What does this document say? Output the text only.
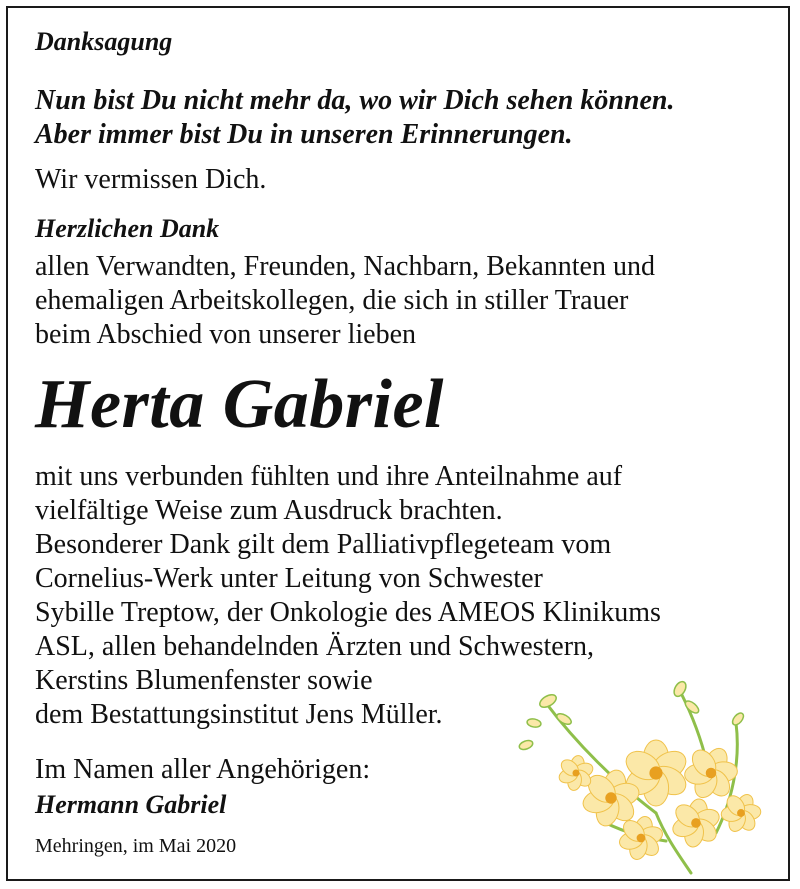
Danksagung

Nun bist Du nicht mehr da, wo wir Dich sehen können.
Aber immer bist Du in unseren Erinnerungen.

Wir vermissen Dich.

Herzlichen Dank

allen Verwandten, Freunden, Nachbarn, Bekannten und
ehemaligen Arbeitskollegen, die sich in stiller Trauer
beim Abschied von unserer lieben

Herta Gabriel

mit uns verbunden fühlten und ihre Anteilnahme auf
vielfältige Weise zum Ausdruck brachten.
Besonderer Dank gilt dem Palliativpflegeteam vom
Cornelius-Werk unter Leitung von Schwester
Sybille Treptow, der Onkologie des AMEOS Klinikums
ASL, allen behandelnden Ärzten und Schwestern,
Kerstins Blumenfenster sowie
dem Bestattungsinstitut Jens Müller.

Im Namen aller Angehörigen:

Hermann Gabriel

Mehringen, im Mai 2020
